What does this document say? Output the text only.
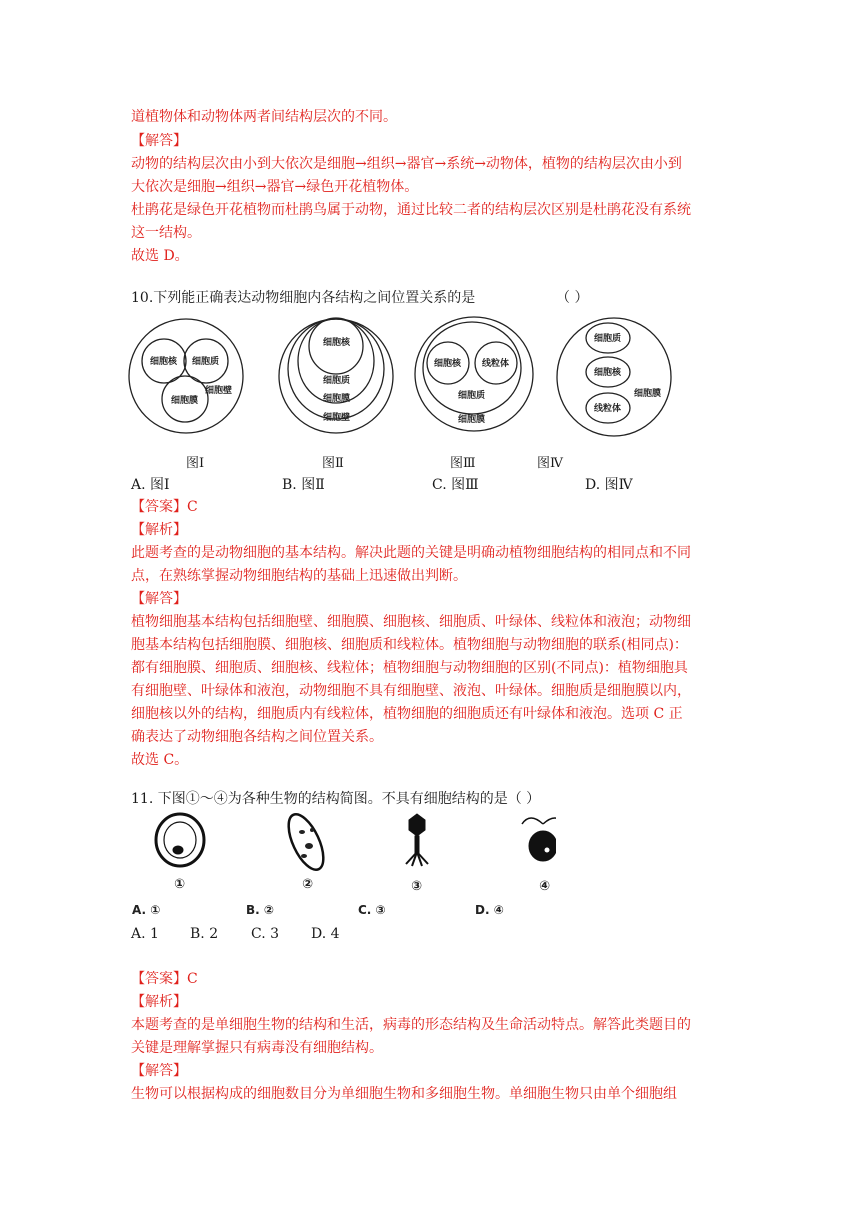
道植物体和动物体两者间结构层次的不同。
【解答】
动物的结构层次由小到大依次是细胞→组织→器官→系统→动物体，植物的结构层次由小到
大依次是细胞→组织→器官→绿色开花植物体。
杜鹃花是绿色开花植物而杜鹃鸟属于动物，通过比较二者的结构层次区别是杜鹃花没有系统
这一结构。
故选 D。
10.下列能正确表达动物细胞内各结构之间位置关系的是	（ ）
细胞核 细胞质
细胞壁
细胞膜
细胞核
细胞质
细胞膜
细胞壁
细胞核 线粒体
细胞质
细胞膜
细胞质
细胞核
细胞膜
线粒体
图Ⅰ	图Ⅱ	图Ⅲ	图Ⅳ
A. 图Ⅰ	B. 图Ⅱ	C. 图Ⅲ	D. 图Ⅳ
【答案】C
【解析】
此题考查的是动物细胞的基本结构。解决此题的关键是明确动植物细胞结构的相同点和不同
点，在熟练掌握动物细胞结构的基础上迅速做出判断。
【解答】
植物细胞基本结构包括细胞壁、细胞膜、细胞核、细胞质、叶绿体、线粒体和液泡；动物细
胞基本结构包括细胞膜、细胞核、细胞质和线粒体。植物细胞与动物细胞的联系(相同点)：
都有细胞膜、细胞质、细胞核、线粒体；植物细胞与动物细胞的区别(不同点)：植物细胞具
有细胞壁、叶绿体和液泡，动物细胞不具有细胞壁、液泡、叶绿体。细胞质是细胞膜以内，
细胞核以外的结构，细胞质内有线粒体，植物细胞的细胞质还有叶绿体和液泡。选项 C 正
确表达了动物细胞各结构之间位置关系。
故选 C。
11. 下图①～④为各种生物的结构简图。不具有细胞结构的是（ ）
①	②	③	④
A. ①	B. ②	C. ③	D. ④
A. 1 B. 2 C. 3 D. 4
【答案】C
【解析】
本题考查的是单细胞生物的结构和生活，病毒的形态结构及生命活动特点。解答此类题目的
关键是理解掌握只有病毒没有细胞结构。
【解答】
生物可以根据构成的细胞数目分为单细胞生物和多细胞生物。单细胞生物只由单个细胞组
